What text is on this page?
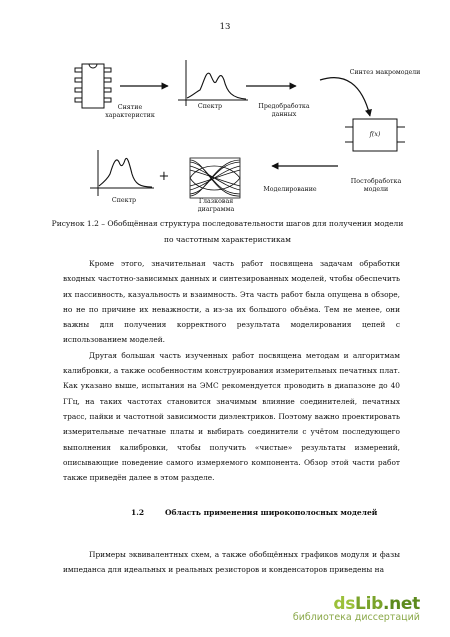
13
Синтез макромодели
Снятие
характеристик
Спектр	Предобработка
данных
f(x)
Постобработка
модели
Моделирование
Спектр	Глазковая
диаграмма
+
Рисунок 1.2 – Обобщённая структура последовательности шагов для получения модели
по частотным характеристикам

Кроме этого, значительная часть работ посвящена задачам обработки входных частотно-зависимых данных и синтезированных моделей, чтобы обеспечить их пассивность, казуальность и взаимность. Эта часть работ была опущена в обзоре, но не по причине их неважности, а из-за их большого объёма. Тем не менее, они важны для получения корректного результата моделирования цепей с использованием моделей.

Другая большая часть изученных работ посвящена методам и алгоритмам калибровки, а также особенностям конструирования измерительных печатных плат. Как указано выше, испытания на ЭМС рекомендуется проводить в диапазоне до 40 ГГц, на таких частотах становится значимым влияние соединителей, печатных трасс, пайки и частотной зависимости диэлектриков. Поэтому важно проектировать измерительные печатные платы и выбирать соединители с учётом последующего выполнения калибровки, чтобы получить «чистые» результаты измерений, описывающие поведение самого измеряемого компонента. Обзор этой части работ также приведён далее в этом разделе.

1.2	Область применения широкополосных моделей

Примеры эквивалентных схем, а также обобщённых графиков модуля и фазы импеданса для идеальных и реальных резисторов и конденсаторов приведены на

dsLib.net
библиотека диссертаций
